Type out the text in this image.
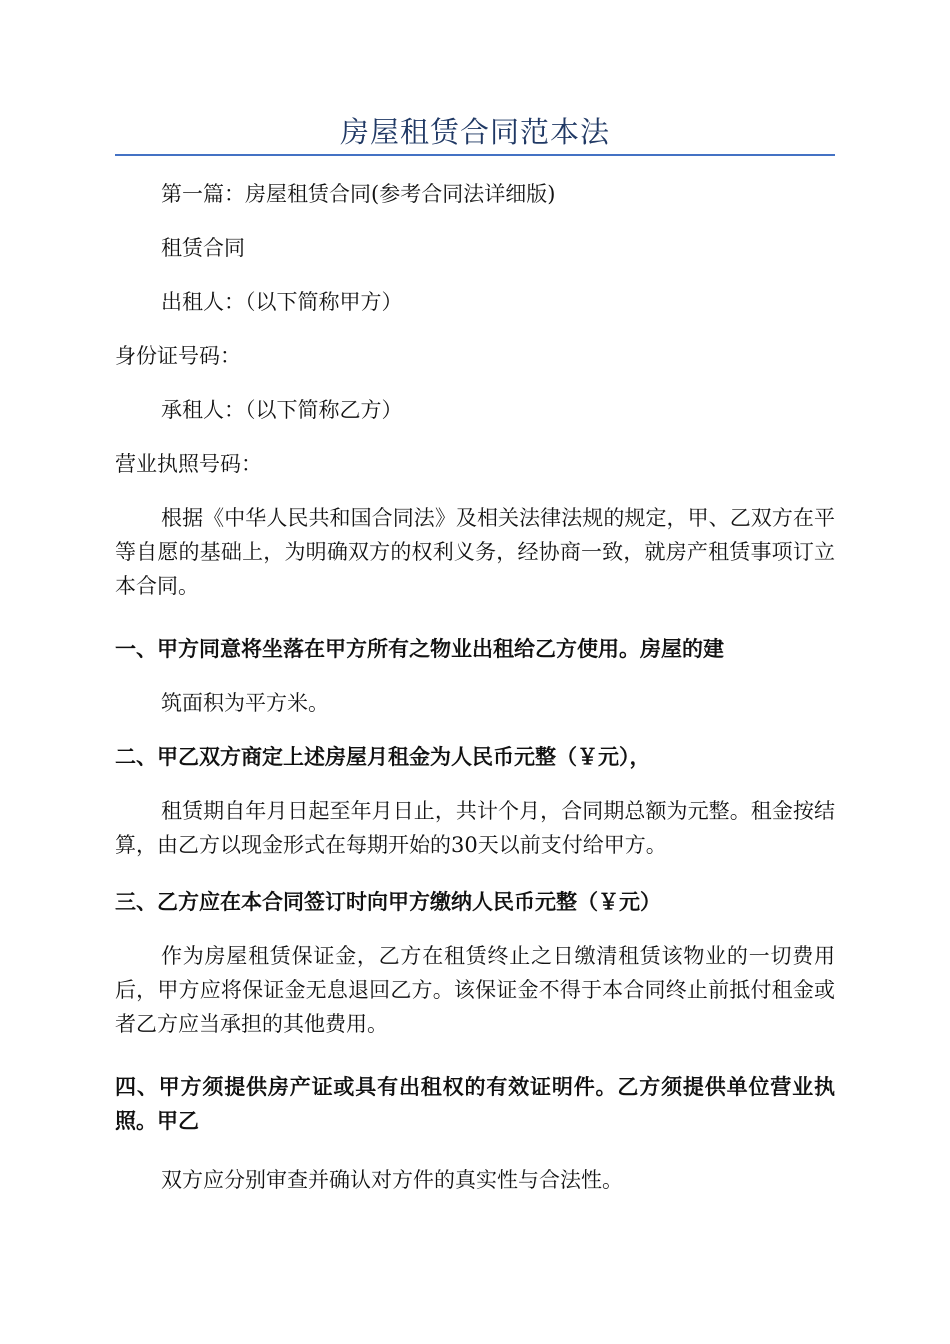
房屋租赁合同范本法

第一篇：房屋租赁合同(参考合同法详细版)

租赁合同

出租人：（以下简称甲方）

身份证号码：

承租人：（以下简称乙方）

营业执照号码：

根据《中华人民共和国合同法》及相关法律法规的规定，甲、乙双方在平等自愿的基础上，为明确双方的权利义务，经协商一致，就房产租赁事项订立本合同。

一、甲方同意将坐落在甲方所有之物业出租给乙方使用。房屋的建

筑面积为平方米。

二、甲乙双方商定上述房屋月租金为人民币元整（￥元），

租赁期自年月日起至年月日止，共计个月，合同期总额为元整。租金按结算，由乙方以现金形式在每期开始的30天以前支付给甲方。

三、乙方应在本合同签订时向甲方缴纳人民币元整（￥元）

作为房屋租赁保证金，乙方在租赁终止之日缴清租赁该物业的一切费用后，甲方应将保证金无息退回乙方。该保证金不得于本合同终止前抵付租金或者乙方应当承担的其他费用。

四、甲方须提供房产证或具有出租权的有效证明件。乙方须提供单位营业执照。甲乙

双方应分别审查并确认对方件的真实性与合法性。
